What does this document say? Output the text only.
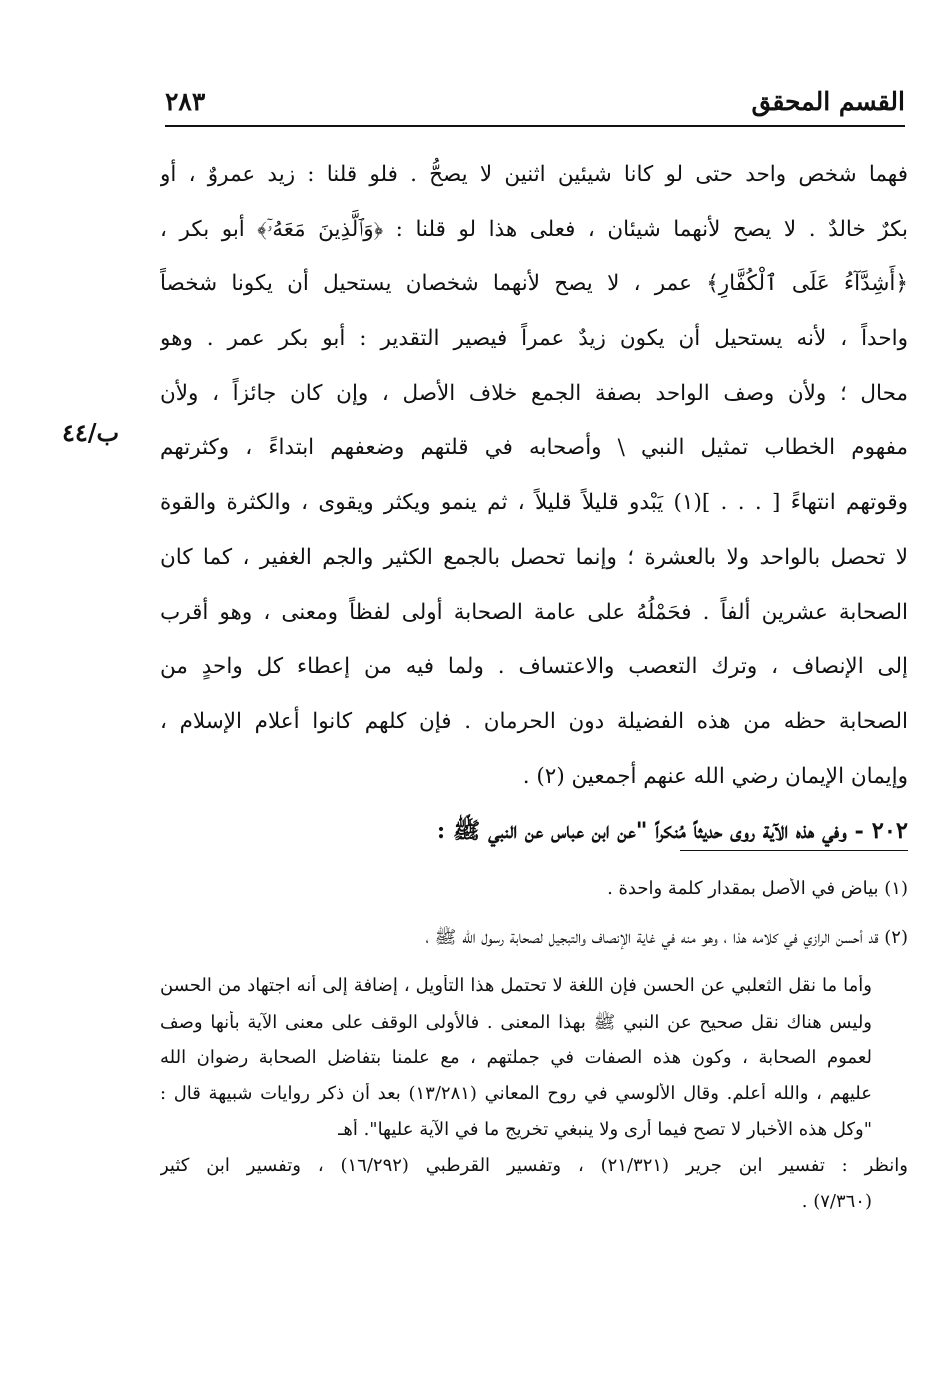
القسم المحقق
٢٨٣
ب/٤٤
فهما شخص واحد حتى لو كانا شيئين اثنين لا يصحُّ . فلو قلنا : زيد عمروٌ ، أو
بكرٌ خالدٌ . لا يصح لأنهما شيئان ، فعلى هذا لو قلنا : ﴿وَٱلَّذِينَ مَعَهُۥٓ﴾ أبو بكر ،
﴿أَشِدَّآءُ عَلَى ٱلْكُفَّارِ﴾ عمر ، لا يصح لأنهما شخصان يستحيل أن يكونا شخصاً
واحداً ، لأنه يستحيل أن يكون زيدٌ عمراً فيصير التقدير : أبو بكر عمر . وهو
محال ؛ ولأن وصف الواحد بصفة الجمع خلاف الأصل ، وإن كان جائزاً ، ولأن
مفهوم الخطاب تمثيل النبي \ وأصحابه في قلتهم وضعفهم ابتداءً ، وكثرتهم
وقوتهم انتهاءً [ . . . ](١) يَبْدو قليلاً قليلاً ، ثم ينمو ويكثر ويقوى ، والكثرة والقوة
لا تحصل بالواحد ولا بالعشرة ؛ وإنما تحصل بالجمع الكثير والجم الغفير ، كما كان
الصحابة عشرين ألفاً . فحَمْلُهُ على عامة الصحابة أولى لفظاً ومعنى ، وهو أقرب
إلى الإنصاف ، وترك التعصب والاعتساف . ولما فيه من إعطاء كل واحدٍ من
الصحابة حظه من هذه الفضيلة دون الحرمان . فإن كلهم كانوا أعلام الإسلام ،
وإيمان الإيمان رضي الله عنهم أجمعين (٢) .
٢٠٢ - وفي هذه الآية روى حديثاً مُنكراً "عن ابن عباس عن النبي ﷺ :
(١) بياض في الأصل بمقدار كلمة واحدة .
(٢) قد أحسن الرازي في كلامه هذا ، وهو منه في غاية الإنصاف والتبجيل لصحابة رسول الله ﷺ ،
وأما ما نقل الثعلبي عن الحسن فإن اللغة لا تحتمل هذا التأويل ، إضافة إلى أنه اجتهاد من الحسن
وليس هناك نقل صحيح عن النبي ﷺ بهذا المعنى . فالأولى الوقف على معنى الآية بأنها وصف
لعموم الصحابة ، وكون هذه الصفات في جملتهم ، مع علمنا بتفاضل الصحابة رضوان الله
عليهم ، والله أعلم. وقال الألوسي في روح المعاني (١٣/٢٨١) بعد أن ذكر روايات شبيهة قال :
"وكل هذه الأخبار لا تصح فيما أرى ولا ينبغي تخريج ما في الآية عليها". أهـ
وانظر : تفسير ابن جرير (٢١/٣٢١) ، وتفسير القرطبي (١٦/٢٩٢) ، وتفسير ابن كثير
(٧/٣٦٠) .
